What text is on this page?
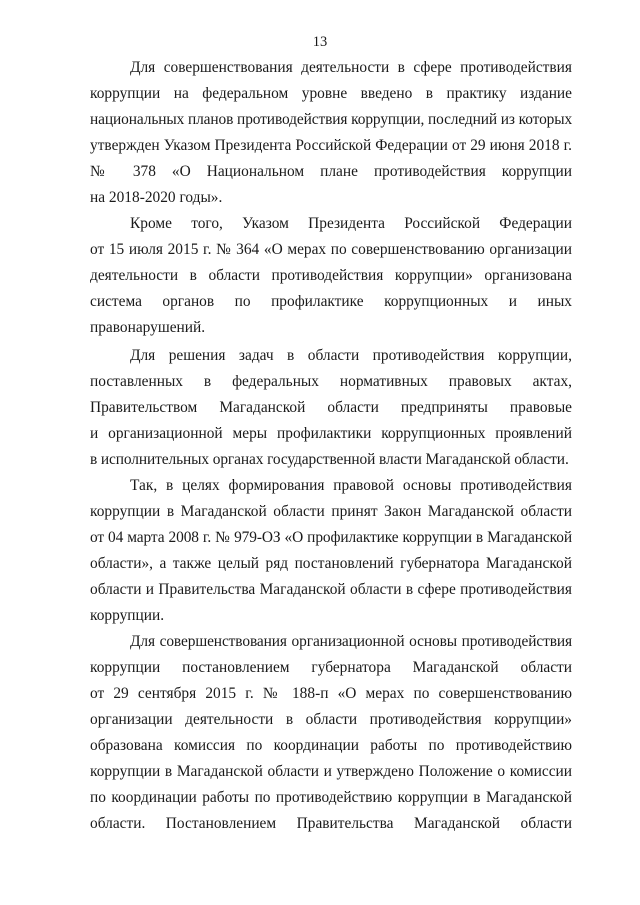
13
Для совершенствования деятельности в сфере противодействия
коррупции на федеральном уровне введено в практику издание
национальных планов противодействия коррупции, последний из которых
утвержден Указом Президента Российской Федерации от 29 июня 2018 г.
№ 378 «О Национальном плане противодействия коррупции
на 2018-2020 годы».
Кроме того, Указом Президента Российской Федерации
от 15 июля 2015 г. № 364 «О мерах по совершенствованию организации
деятельности в области противодействия коррупции» организована
система органов по профилактике коррупционных и иных
правонарушений.
Для решения задач в области противодействия коррупции,
поставленных в федеральных нормативных правовых актах,
Правительством Магаданской области предприняты правовые
и организационной меры профилактики коррупционных проявлений
в исполнительных органах государственной власти Магаданской области.
Так, в целях формирования правовой основы противодействия
коррупции в Магаданской области принят Закон Магаданской области
от 04 марта 2008 г. № 979-ОЗ «О профилактике коррупции в Магаданской
области», а также целый ряд постановлений губернатора Магаданской
области и Правительства Магаданской области в сфере противодействия
коррупции.
Для совершенствования организационной основы противодействия
коррупции постановлением губернатора Магаданской области
от 29 сентября 2015 г. № 188-п «О мерах по совершенствованию
организации деятельности в области противодействия коррупции»
образована комиссия по координации работы по противодействию
коррупции в Магаданской области и утверждено Положение о комиссии
по координации работы по противодействию коррупции в Магаданской
области. Постановлением Правительства Магаданской области
